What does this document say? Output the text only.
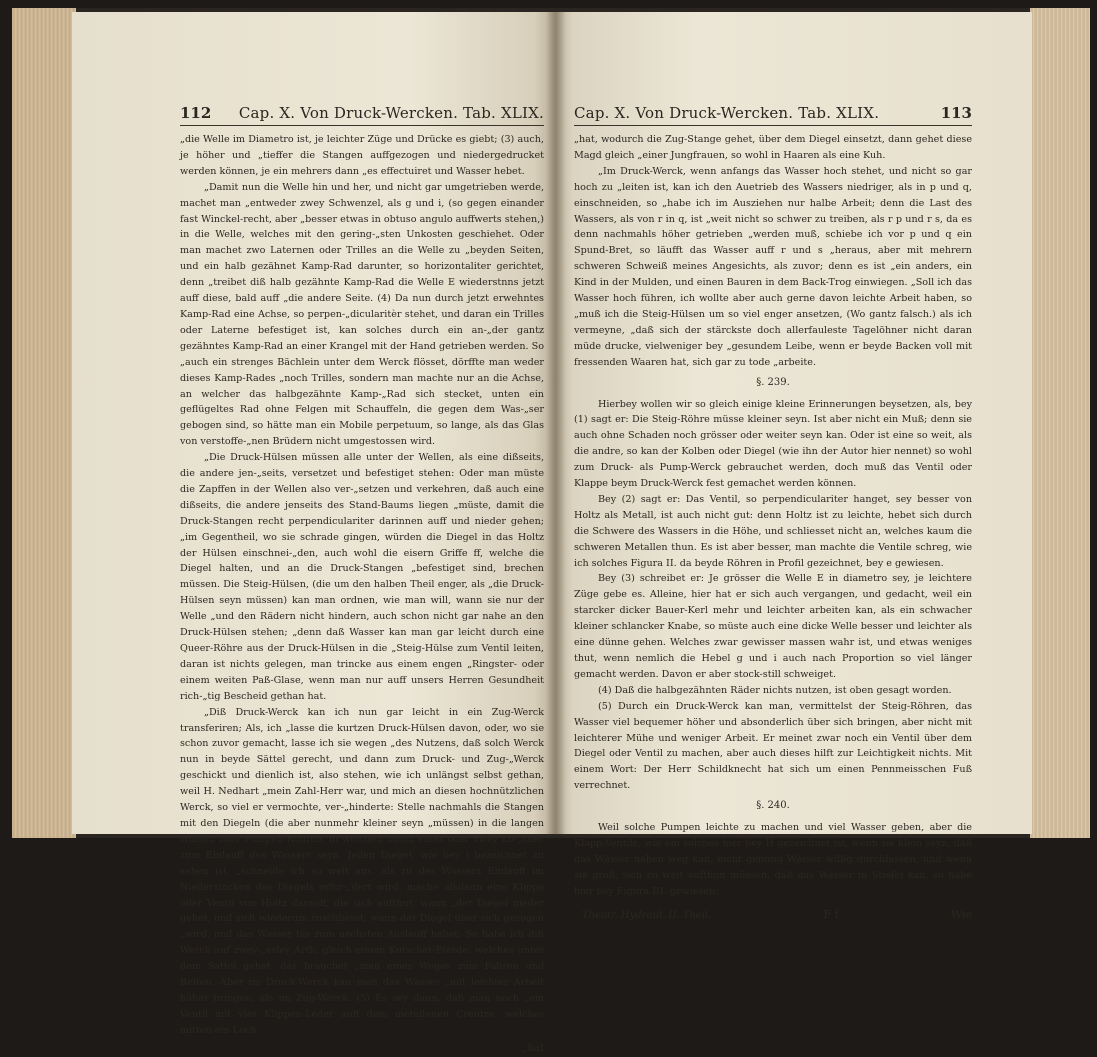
112 Cap. X. Von Druck-Wercken. Tab. XLIX.

„die Welle im Diametro ist, je leichter Züge und Drücke es giebt; (3) auch, je höher und „tieffer die Stangen auffgezogen und niedergedrucket werden können, je ein mehrers dann „es effectuiret und Wasser hebet.

„Damit nun die Welle hin und her, und nicht gar umgetrieben werde, machet man „entweder zwey Schwenzel, als g und i, (so gegen einander fast Winckel-recht, aber „besser etwas in obtuso angulo auffwerts stehen,) in die Welle, welches mit den gering-„sten Unkosten geschiehet. Oder man machet zwo Laternen oder Trilles an die Welle zu „beyden Seiten, und ein halb gezähnet Kamp-Rad darunter, so horizontaliter gerichtet, denn „treibet diß halb gezähnte Kamp-Rad die Welle E wiederstnns jetzt auff diese, bald auff „die andere Seite. (4) Da nun durch jetzt erwehntes Kamp-Rad eine Achse, so perpen-„dicularitèr stehet, und daran ein Trilles oder Laterne befestiget ist, kan solches durch ein an-„der gantz gezähntes Kamp-Rad an einer Krangel mit der Hand getrieben werden. So „auch ein strenges Bächlein unter dem Werck flösset, dörffte man weder dieses Kamp-Rades „noch Trilles, sondern man machte nur an die Achse, an welcher das halbgezähnte Kamp-„Rad sich stecket, unten ein geflügeltes Rad ohne Felgen mit Schauffeln, die gegen dem Was-„ser gebogen sind, so hätte man ein Mobile perpetuum, so lange, als das Glas von verstoffe-„nen Brüdern nicht umgestossen wird.

„Die Druck-Hülsen müssen alle unter der Wellen, als eine dißseits, die andere jen-„seits, versetzet und befestiget stehen: Oder man müste die Zapffen in der Wellen also ver-„setzen und verkehren, daß auch eine dißseits, die andere jenseits des Stand-Baums liegen „müste, damit die Druck-Stangen recht perpendiculariter darinnen auff und nieder gehen; „im Gegentheil, wo sie schrade gingen, würden die Diegel in das Holtz der Hülsen einschnei-„den, auch wohl die eisern Griffe ff, welche die Diegel halten, und an die Druck-Stangen „befestiget sind, brechen müssen. Die Steig-Hülsen, (die um den halben Theil enger, als „die Druck-Hülsen seyn müssen) kan man ordnen, wie man will, wann sie nur der Welle „und den Rädern nicht hindern, auch schon nicht gar nahe an den Druck-Hülsen stehen; „denn daß Wasser kan man gar leicht durch eine Queer-Röhre aus der Druck-Hülsen in die „Steig-Hülse zum Ventil leiten, daran ist nichts gelegen, man trincke aus einem engen „Ringster- oder einem weiten Paß-Glase, wenn man nur auff unsers Herren Gesundheit rich-„tig Bescheid gethan hat.

„Diß Druck-Werck kan ich nun gar leicht in ein Zug-Werck transferiren; Als, ich „lasse die kurtzen Druck-Hülsen davon, oder, wo sie schon zuvor gemacht, lasse ich sie wegen „des Nutzens, daß solch Werck nun in beyde Sättel gerecht, und dann zum Druck- und Zug-„Werck geschickt und dienlich ist, also stehen, wie ich unlängst selbst gethan, weil H. Nedhart „mein Zahl-Herr war, und mich an diesen hochnützlichen Werck, so viel er vermochte, ver-„hinderte: Stelle nachmahls die Stangen mit den Diegeln (die aber nunmehr kleiner seyn „müssen) in die langen Hülsen oder Pompen-Röhren, in welchen unten eines oder zwey Lö-„cher zum Einlauff des Wassers seyn. Jeden Diegel, wie bey l bezeichnet zu sehen ist, „schneide ich so weit aus, als zu des Wassers Einlauff im Niedersincken des Diegels erfor-„dert wird, mache alsdann eine Klippe oder Ventil von Holtz darauff, die sich aufthut, wann „der Diegel nieder gehet, und sich wiederum zuschliesst, wann der Diegel über sich gezogen „wird, und das Wasser bis zum nechsten Auslauff hebet; So habe ich diß Werck auf zwey-„erley Arth, gleich einem Kutscher-Pferde, welches unter dem Sattel gehet, das brauchet „man eines Weges zum Fahren und Reiten. Aber im Druck-Werck kan man das Wasser „mit leichter Arbeit höher bringen, als im Zug-Werck. (5) Es sey dann, daß man noch „ein Ventil mit vier Klippen-Leder auff dem metallenen Creutze, welches mitten ein Loch

„hat
Cap. X. Von Druck-Wercken. Tab. XLIX.	113

„hat, wodurch die Zug-Stange gehet, über dem Diegel einsetzt, dann gehet diese Magd gleich „einer Jungfrauen, so wohl in Haaren als eine Kuh.

„Im Druck-Werck, wenn anfangs das Wasser hoch stehet, und nicht so gar hoch zu „leiten ist, kan ich den Auetrieb des Wassers niedriger, als in p und q, einschneiden, so „habe ich im Ausziehen nur halbe Arbeit; denn die Last des Wassers, als von r in q, ist „weit nicht so schwer zu treiben, als r p und r s, da es denn nachmahls höher getrieben „werden muß, schiebe ich vor p und q ein Spund-Bret, so läufft das Wasser auff r und s „heraus, aber mit mehrern schweren Schweiß meines Angesichts, als zuvor; denn es ist „ein anders, ein Kind in der Mulden, und einen Bauren in dem Back-Trog einwiegen. „Soll ich das Wasser hoch führen, ich wollte aber auch gerne davon leichte Arbeit haben, so „muß ich die Steig-Hülsen um so viel enger ansetzen, (Wo gantz falsch.) als ich vermeyne, „daß sich der stärckste doch allerfauleste Tagelöhner nicht daran müde drucke, vielweniger bey „gesundem Leibe, wenn er beyde Backen voll mit fressenden Waaren hat, sich gar zu tode „arbeite.

§. 239.

Hierbey wollen wir so gleich einige kleine Erinnerungen beysetzen, als, bey (1) sagt er: Die Steig-Röhre müsse kleiner seyn. Ist aber nicht ein Muß; denn sie auch ohne Schaden noch grösser oder weiter seyn kan. Oder ist eine so weit, als die andre, so kan der Kolben oder Diegel (wie ihn der Autor hier nennet) so wohl zum Druck- als Pump-Werck gebrauchet werden, doch muß das Ventil oder Klappe beym Druck-Werck fest gemachet werden können.

Bey (2) sagt er: Das Ventil, so perpendiculariter hanget, sey besser von Holtz als Metall, ist auch nicht gut: denn Holtz ist zu leichte, hebet sich durch die Schwere des Wassers in die Höhe, und schliesset nicht an, welches kaum die schweren Metallen thun. Es ist aber besser, man machte die Ventile schreg, wie ich solches Figura II. da beyde Röhren in Profil gezeichnet, bey e gewiesen.

Bey (3) schreibet er: Je grösser die Welle E in diametro sey, je leichtere Züge gebe es. Alleine, hier hat er sich auch vergangen, und gedacht, weil ein starcker dicker Bauer-Kerl mehr und leichter arbeiten kan, als ein schwacher kleiner schlancker Knabe, so müste auch eine dicke Welle besser und leichter als eine dünne gehen. Welches zwar gewisser massen wahr ist, und etwas weniges thut, wenn nemlich die Hebel g und i auch nach Proportion so viel länger gemacht werden. Davon er aber stock-still schweiget.

(4) Daß die halbgezähnten Räder nichts nutzen, ist oben gesagt worden.

(5) Durch ein Druck-Werck kan man, vermittelst der Steig-Röhren, das Wasser viel bequemer höher und absonderlich über sich bringen, aber nicht mit leichterer Mühe und weniger Arbeit. Er meinet zwar noch ein Ventil über dem Diegel oder Ventil zu machen, aber auch dieses hilft zur Leichtigkeit nichts. Mit einem Wort: Der Herr Schildknecht hat sich um einen Pennmeisschen Fuß verrechnet.

§. 240.

Weil solche Pumpen leichte zu machen und viel Wasser geben, aber die Klapp-Ventile, wie ein solches hier bey H gezeichnet ist, wenn sie klein seyn, daß das Wasser neben weg kan, nicht genung Wasser willig durchlassen, und wenn sie groß, sich zu weit aufthun müssen, daß das Wasser in Stiefel kan, so habe hier bey Figura III. gewiesen:

Theatr. Hydraul. II. Theil.	F f	Wie
